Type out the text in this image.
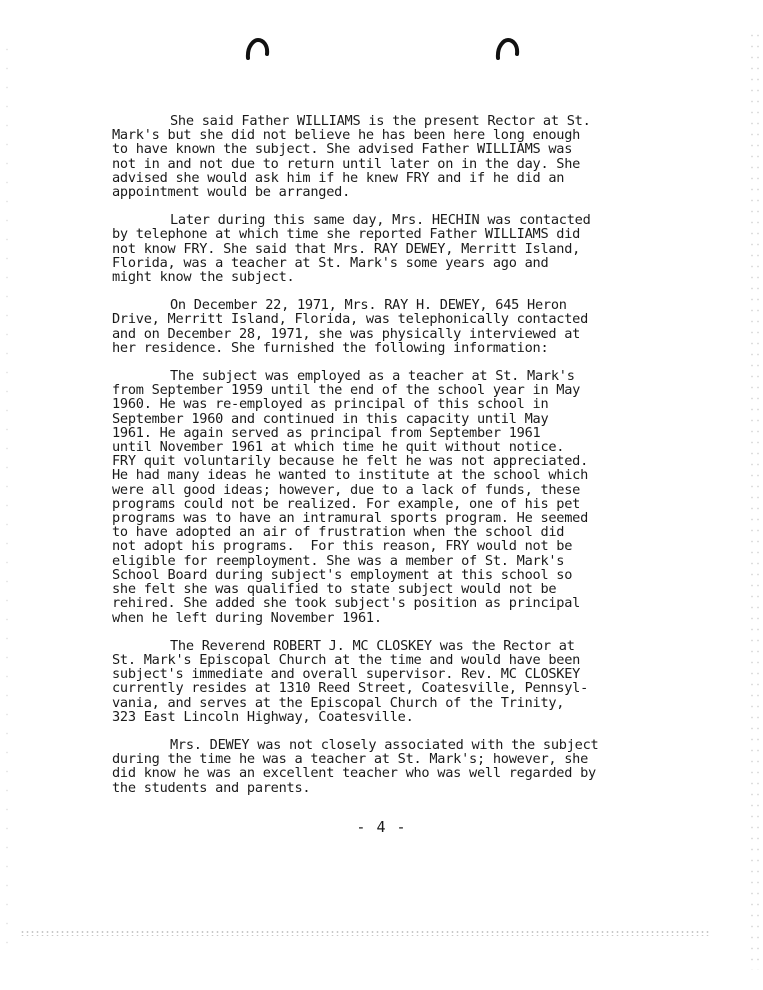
She said Father WILLIAMS is the present Rector at St.
Mark's but she did not believe he has been here long enough
to have known the subject. She advised Father WILLIAMS was
not in and not due to return until later on in the day. She
advised she would ask him if he knew FRY and if he did an
appointment would be arranged.
Later during this same day, Mrs. HECHIN was contacted
by telephone at which time she reported Father WILLIAMS did
not know FRY. She said that Mrs. RAY DEWEY, Merritt Island,
Florida, was a teacher at St. Mark's some years ago and
might know the subject.
On December 22, 1971, Mrs. RAY H. DEWEY, 645 Heron
Drive, Merritt Island, Florida, was telephonically contacted
and on December 28, 1971, she was physically interviewed at
her residence. She furnished the following information:
The subject was employed as a teacher at St. Mark's
from September 1959 until the end of the school year in May
1960. He was re-employed as principal of this school in
September 1960 and continued in this capacity until May
1961. He again served as principal from September 1961
until November 1961 at which time he quit without notice.
FRY quit voluntarily because he felt he was not appreciated.
He had many ideas he wanted to institute at the school which
were all good ideas; however, due to a lack of funds, these
programs could not be realized. For example, one of his pet
programs was to have an intramural sports program. He seemed
to have adopted an air of frustration when the school did
not adopt his programs.  For this reason, FRY would not be
eligible for reemployment. She was a member of St. Mark's
School Board during subject's employment at this school so
she felt she was qualified to state subject would not be
rehired. She added she took subject's position as principal
when he left during November 1961.
The Reverend ROBERT J. MC CLOSKEY was the Rector at
St. Mark's Episcopal Church at the time and would have been
subject's immediate and overall supervisor. Rev. MC CLOSKEY
currently resides at 1310 Reed Street, Coatesville, Pennsyl-
vania, and serves at the Episcopal Church of the Trinity,
323 East Lincoln Highway, Coatesville.
Mrs. DEWEY was not closely associated with the subject
during the time he was a teacher at St. Mark's; however, she
did know he was an excellent teacher who was well regarded by
the students and parents.
- 4 -
